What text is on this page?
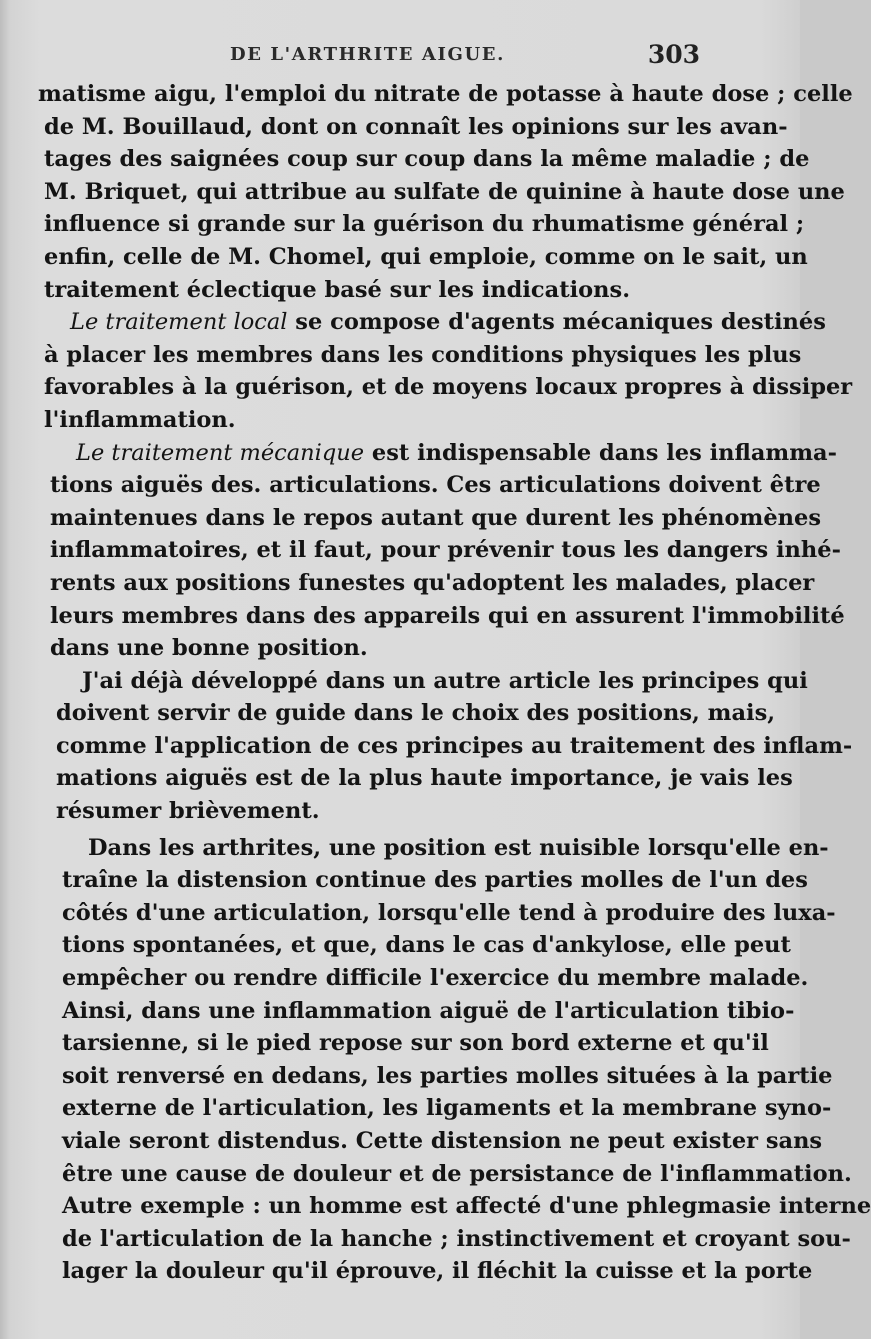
DE L'ARTHRITE AIGUE.	303
matisme aigu, l'emploi du nitrate de potasse à haute dose ; celle
de M. Bouillaud, dont on connaît les opinions sur les avan-
tages des saignées coup sur coup dans la même maladie ; de
M. Briquet, qui attribue au sulfate de quinine à haute dose une
influence si grande sur la guérison du rhumatisme général ;
enfin, celle de M. Chomel, qui emploie, comme on le sait, un
traitement éclectique basé sur les indications.
Le traitement local se compose d'agents mécaniques destinés
à placer les membres dans les conditions physiques les plus
favorables à la guérison, et de moyens locaux propres à dissiper
l'inflammation.
Le traitement mécanique est indispensable dans les inflamma-
tions aiguës des. articulations. Ces articulations doivent être
maintenues dans le repos autant que durent les phénomènes
inflammatoires, et il faut, pour prévenir tous les dangers inhé-
rents aux positions funestes qu'adoptent les malades, placer
leurs membres dans des appareils qui en assurent l'immobilité
dans une bonne position.
J'ai déjà développé dans un autre article les principes qui
doivent servir de guide dans le choix des positions, mais,
comme l'application de ces principes au traitement des inflam-
mations aiguës est de la plus haute importance, je vais les
résumer brièvement.
Dans les arthrites, une position est nuisible lorsqu'elle en-
traîne la distension continue des parties molles de l'un des
côtés d'une articulation, lorsqu'elle tend à produire des luxa-
tions spontanées, et que, dans le cas d'ankylose, elle peut
empêcher ou rendre difficile l'exercice du membre malade.
Ainsi, dans une inflammation aiguë de l'articulation tibio-
tarsienne, si le pied repose sur son bord externe et qu'il
soit renversé en dedans, les parties molles situées à la partie
externe de l'articulation, les ligaments et la membrane syno-
viale seront distendus. Cette distension ne peut exister sans
être une cause de douleur et de persistance de l'inflammation.
Autre exemple : un homme est affecté d'une phlegmasie interne
de l'articulation de la hanche ; instinctivement et croyant sou-
lager la douleur qu'il éprouve, il fléchit la cuisse et la porte
